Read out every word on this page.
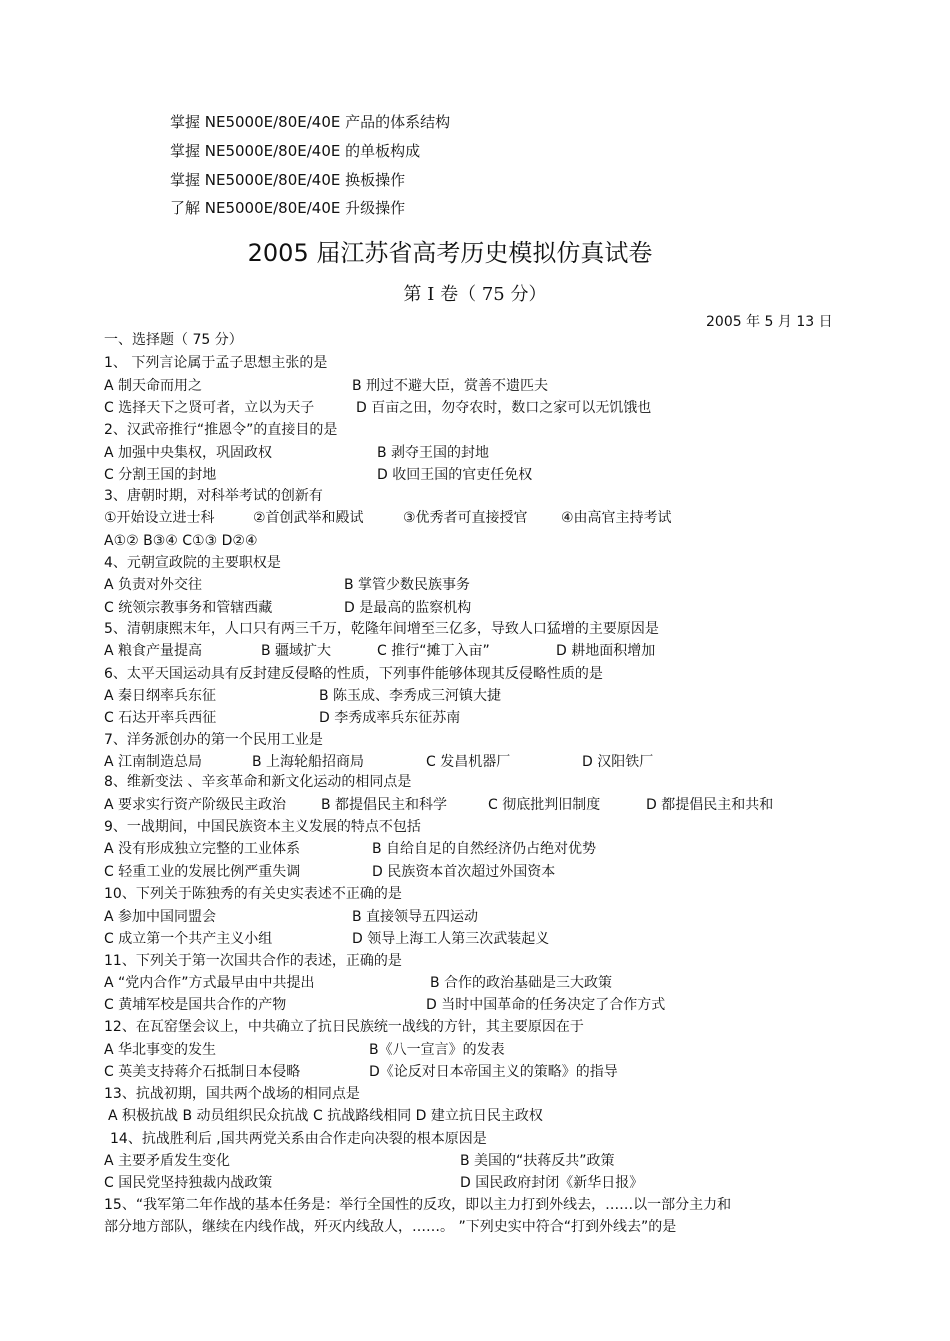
掌握 NE5000E/80E/40E 产品的体系结构
掌握 NE5000E/80E/40E 的单板构成
掌握 NE5000E/80E/40E 换板操作
了解 NE5000E/80E/40E 升级操作
2005 届江苏省高考历史模拟仿真试卷
第 I 卷（ 75 分）
2005 年 5 月 13 日
一、选择题（ 75 分）
1、 下列言论属于孟子思想主张的是
A 制天命而用之	B 刑过不避大臣，赏善不遗匹夫
C 选择天下之贤可者，立以为天子	D 百亩之田，勿夺农时，数口之家可以无饥饿也
2、汉武帝推行“推恩令”的直接目的是
A 加强中央集权，巩固政权	B 剥夺王国的封地
C 分割王国的封地	D 收回王国的官吏任免权
3、唐朝时期，对科举考试的创新有
①开始设立进士科	②首创武举和殿试	③优秀者可直接授官 ④由高官主持考试
A①② B③④ C①③ D②④
4、元朝宣政院的主要职权是
A 负责对外交往	B 掌管少数民族事务
C 统领宗教事务和管辖西藏	D 是最高的监察机构
5、清朝康熙末年，人口只有两三千万，乾隆年间增至三亿多，导致人口猛增的主要原因是
A 粮食产量提高	B 疆域扩大	C 推行“摊丁入亩”	D 耕地面积增加
6、太平天国运动具有反封建反侵略的性质，下列事件能够体现其反侵略性质的是
A 秦日纲率兵东征	B 陈玉成、李秀成三河镇大捷
C 石达开率兵西征	D 李秀成率兵东征苏南
7、洋务派创办的第一个民用工业是
A 江南制造总局	B 上海轮船招商局	C 发昌机器厂	D 汉阳铁厂
8、维新变法 、辛亥革命和新文化运动的相同点是
A 要求实行资产阶级民主政治 B 都提倡民主和科学	C 彻底批判旧制度	D 都提倡民主和共和
9、一战期间，中国民族资本主义发展的特点不包括
A 没有形成独立完整的工业体系	B 自给自足的自然经济仍占绝对优势
C 轻重工业的发展比例严重失调	D 民族资本首次超过外国资本
10、下列关于陈独秀的有关史实表述不正确的是
A 参加中国同盟会	B 直接领导五四运动
C 成立第一个共产主义小组	D 领导上海工人第三次武装起义
11、下列关于第一次国共合作的表述，正确的是
A “党内合作”方式最早由中共提出	B 合作的政治基础是三大政策
C 黄埔军校是国共合作的产物	D 当时中国革命的任务决定了合作方式
12、在瓦窑堡会议上，中共确立了抗日民族统一战线的方针，其主要原因在于
A 华北事变的发生	B《八一宣言》的发表
C 英美支持蒋介石抵制日本侵略	D《论反对日本帝国主义的策略》的指导
13、抗战初期，国共两个战场的相同点是
A 积极抗战 B 动员组织民众抗战 C 抗战路线相同 D 建立抗日民主政权
14、抗战胜利后 ,国共两党关系由合作走向决裂的根本原因是
A 主要矛盾发生变化	B 美国的“扶蒋反共”政策
C 国民党坚持独裁内战政策	D 国民政府封闭《新华日报》
15、“我军第二年作战的基本任务是：举行全国性的反攻，即以主力打到外线去，……以一部分主力和
部分地方部队，继续在内线作战，歼灭内线敌人，……。 ”下列史实中符合“打到外线去”的是
